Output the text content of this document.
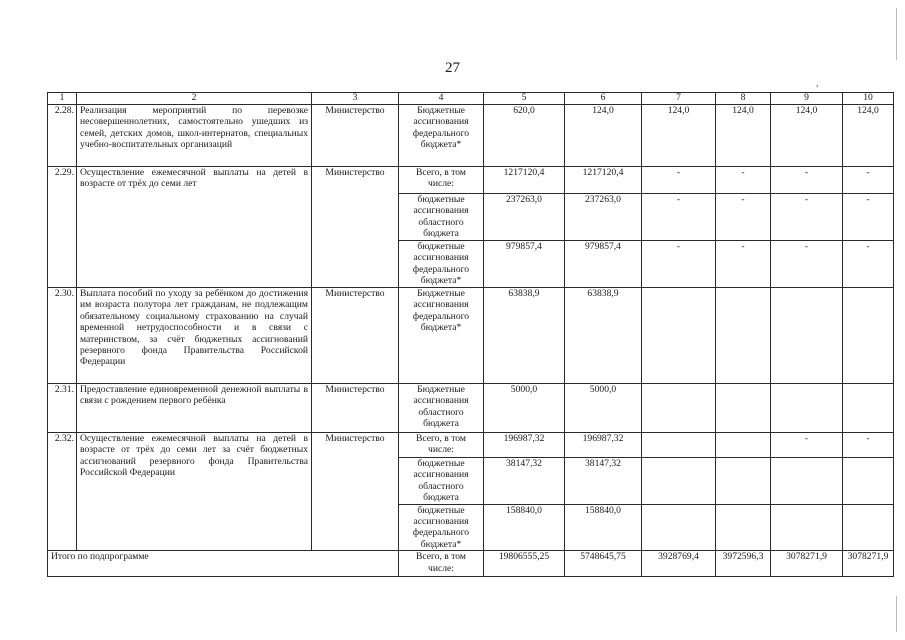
27
,
1	2	3	4	5	6	7	8	9	10
2.28.	Реализация мероприятий по перевозке несовершеннолетних, самостоятельно ушедших из семей, детских домов, школ-интернатов, специальных учебно-воспитательных организаций	Министерство	Бюджетные ассигнования федерального бюджета*	620,0	124,0	124,0	124,0	124,0	124,0
2.29.	Осуществление ежемесячной выплаты на детей в возрасте от трёх до семи лет	Министерство	Всего, в том числе:	1217120,4	1217120,4	-	-	-	-
			бюджетные ассигнования областного бюджета	237263,0	237263,0	-	-	-	-
			бюджетные ассигнования федерального бюджета*	979857,4	979857,4	-	-	-	-
2.30.	Выплата пособий по уходу за ребёнком до достижения им возраста полутора лет гражданам, не подлежащим обязательному социальному страхованию на случай временной нетрудоспособности и в связи с материнством, за счёт бюджетных ассигнований резервного фонда Правительства Российской Федерации	Министерство	Бюджетные ассигнования федерального бюджета*	63838,9	63838,9				
2.31.	Предоставление единовременной денежной выплаты в связи с рождением первого ребёнка	Министерство	Бюджетные ассигнования областного бюджета	5000,0	5000,0				
2.32.	Осуществление ежемесячной выплаты на детей в возрасте от трёх до семи лет за счёт бюджетных ассигнований резервного фонда Правительства Российской Федерации	Министерство	Всего, в том числе:	196987,32	196987,32			-	-
			бюджетные ассигнования областного бюджета	38147,32	38147,32				
			бюджетные ассигнования федерального бюджета*	158840,0	158840,0				
Итого по подпрограмме			Всего, в том числе:	19806555,25	5748645,75	3928769,4	3972596,3	3078271,9	3078271,9
